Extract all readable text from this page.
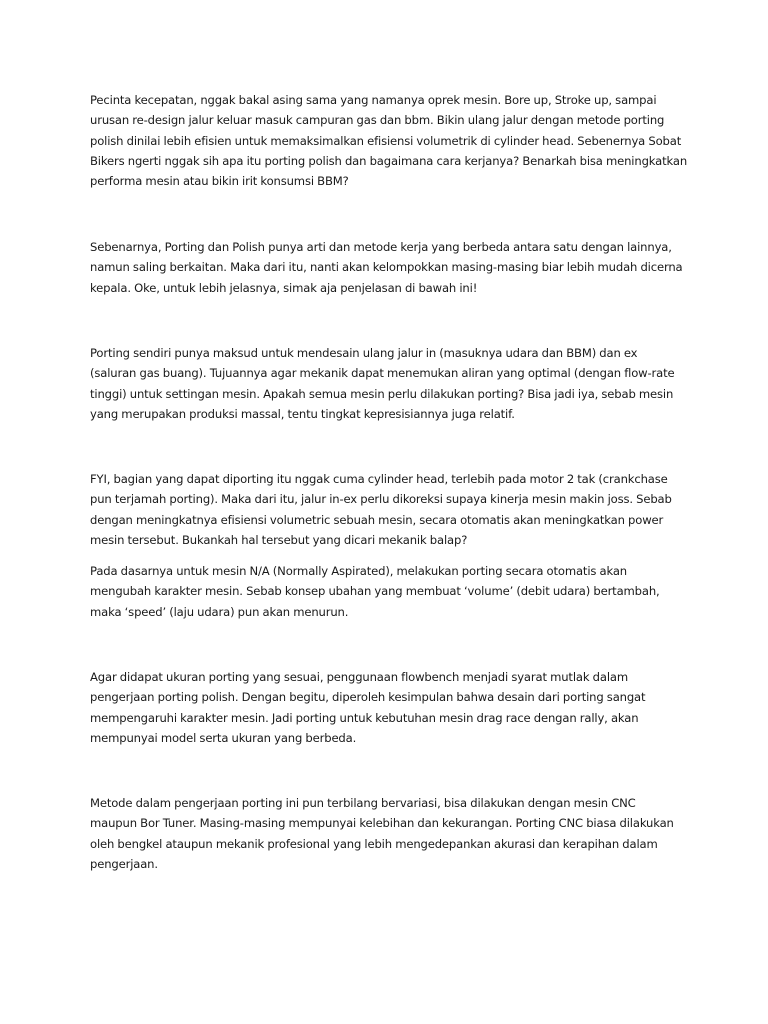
Pecinta kecepatan, nggak bakal asing sama yang namanya oprek mesin. Bore up, Stroke up, sampai
urusan re-design jalur keluar masuk campuran gas dan bbm. Bikin ulang jalur dengan metode porting
polish dinilai lebih efisien untuk memaksimalkan efisiensi volumetrik di cylinder head. Sebenernya Sobat
Bikers ngerti nggak sih apa itu porting polish dan bagaimana cara kerjanya? Benarkah bisa meningkatkan
performa mesin atau bikin irit konsumsi BBM?

Sebenarnya, Porting dan Polish punya arti dan metode kerja yang berbeda antara satu dengan lainnya,
namun saling berkaitan. Maka dari itu, nanti akan kelompokkan masing-masing biar lebih mudah dicerna
kepala. Oke, untuk lebih jelasnya, simak aja penjelasan di bawah ini!

Porting sendiri punya maksud untuk mendesain ulang jalur in (masuknya udara dan BBM) dan ex
(saluran gas buang). Tujuannya agar mekanik dapat menemukan aliran yang optimal (dengan flow-rate
tinggi) untuk settingan mesin. Apakah semua mesin perlu dilakukan porting? Bisa jadi iya, sebab mesin
yang merupakan produksi massal, tentu tingkat kepresisiannya juga relatif.

FYI, bagian yang dapat diporting itu nggak cuma cylinder head, terlebih pada motor 2 tak (crankchase
pun terjamah porting). Maka dari itu, jalur in-ex perlu dikoreksi supaya kinerja mesin makin joss. Sebab
dengan meningkatnya efisiensi volumetric sebuah mesin, secara otomatis akan meningkatkan power
mesin tersebut. Bukankah hal tersebut yang dicari mekanik balap?

Pada dasarnya untuk mesin N/A (Normally Aspirated), melakukan porting secara otomatis akan
mengubah karakter mesin. Sebab konsep ubahan yang membuat ‘volume’ (debit udara) bertambah,
maka ‘speed’ (laju udara) pun akan menurun.

Agar didapat ukuran porting yang sesuai, penggunaan flowbench menjadi syarat mutlak dalam
pengerjaan porting polish. Dengan begitu, diperoleh kesimpulan bahwa desain dari porting sangat
mempengaruhi karakter mesin. Jadi porting untuk kebutuhan mesin drag race dengan rally, akan
mempunyai model serta ukuran yang berbeda.

Metode dalam pengerjaan porting ini pun terbilang bervariasi, bisa dilakukan dengan mesin CNC
maupun Bor Tuner. Masing-masing mempunyai kelebihan dan kekurangan. Porting CNC biasa dilakukan
oleh bengkel ataupun mekanik profesional yang lebih mengedepankan akurasi dan kerapihan dalam
pengerjaan.
